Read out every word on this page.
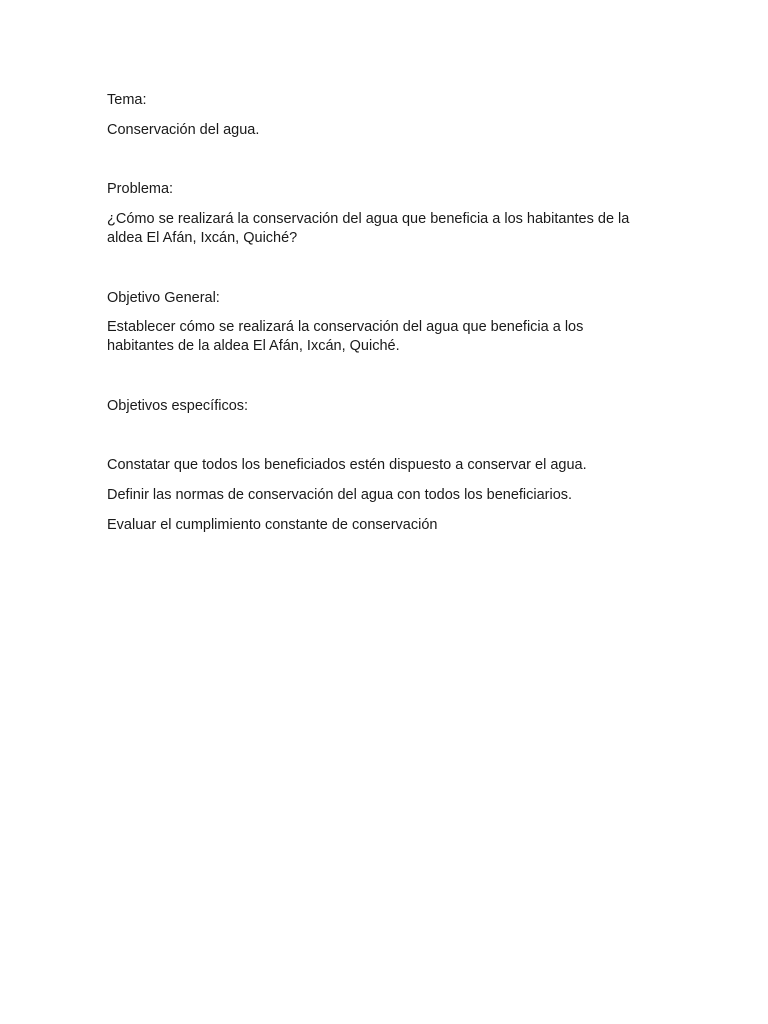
Tema:

Conservación del agua.

Problema:

¿Cómo se realizará la conservación del agua que beneficia a los habitantes de la
aldea El Afán, Ixcán, Quiché?

Objetivo General:

Establecer cómo se realizará la conservación del agua que beneficia a los
habitantes de la aldea El Afán, Ixcán, Quiché.

Objetivos específicos:

Constatar que todos los beneficiados estén dispuesto a conservar el agua.

Definir las normas de conservación del agua con todos los beneficiarios.

Evaluar el cumplimiento constante de conservación
